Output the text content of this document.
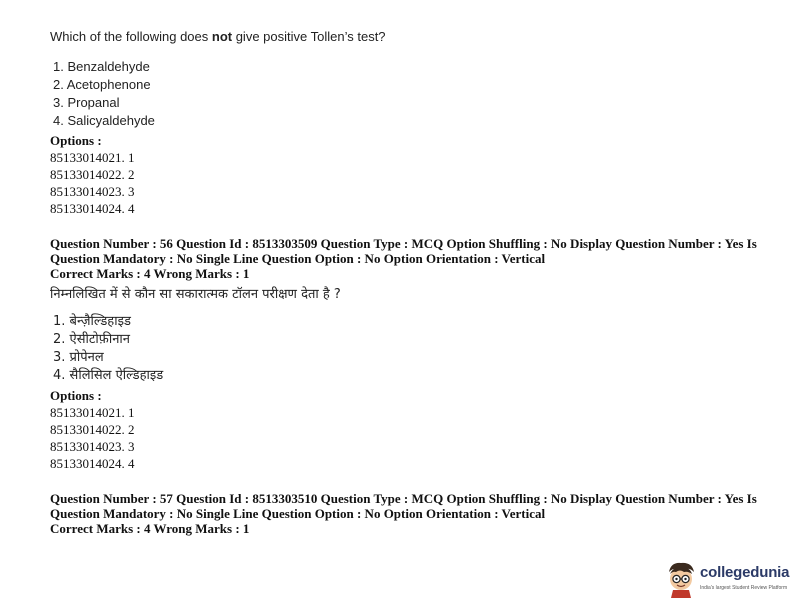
Which of the following does not give positive Tollen’s test?
1. Benzaldehyde
2. Acetophenone
3. Propanal
4. Salicyaldehyde
Options :
85133014021. 1
85133014022. 2
85133014023. 3
85133014024. 4
Question Number : 56 Question Id : 8513303509 Question Type : MCQ Option Shuffling : No Display Question Number : Yes Is
Question Mandatory : No Single Line Question Option : No Option Orientation : Vertical
Correct Marks : 4 Wrong Marks : 1
निम्नलिखित में से कौन सा सकारात्मक टॉलन परीक्षण देता है ?
1. बेन्ज़ैल्डिहाइड
2. ऐसीटोफ़ीनान
3. प्रोपेनल
4. सैलिसिल ऐल्डिहाइड
Options :
85133014021. 1
85133014022. 2
85133014023. 3
85133014024. 4
Question Number : 57 Question Id : 8513303510 Question Type : MCQ Option Shuffling : No Display Question Number : Yes Is
Question Mandatory : No Single Line Question Option : No Option Orientation : Vertical
Correct Marks : 4 Wrong Marks : 1
collegedunia
India's largest Student Review Platform
